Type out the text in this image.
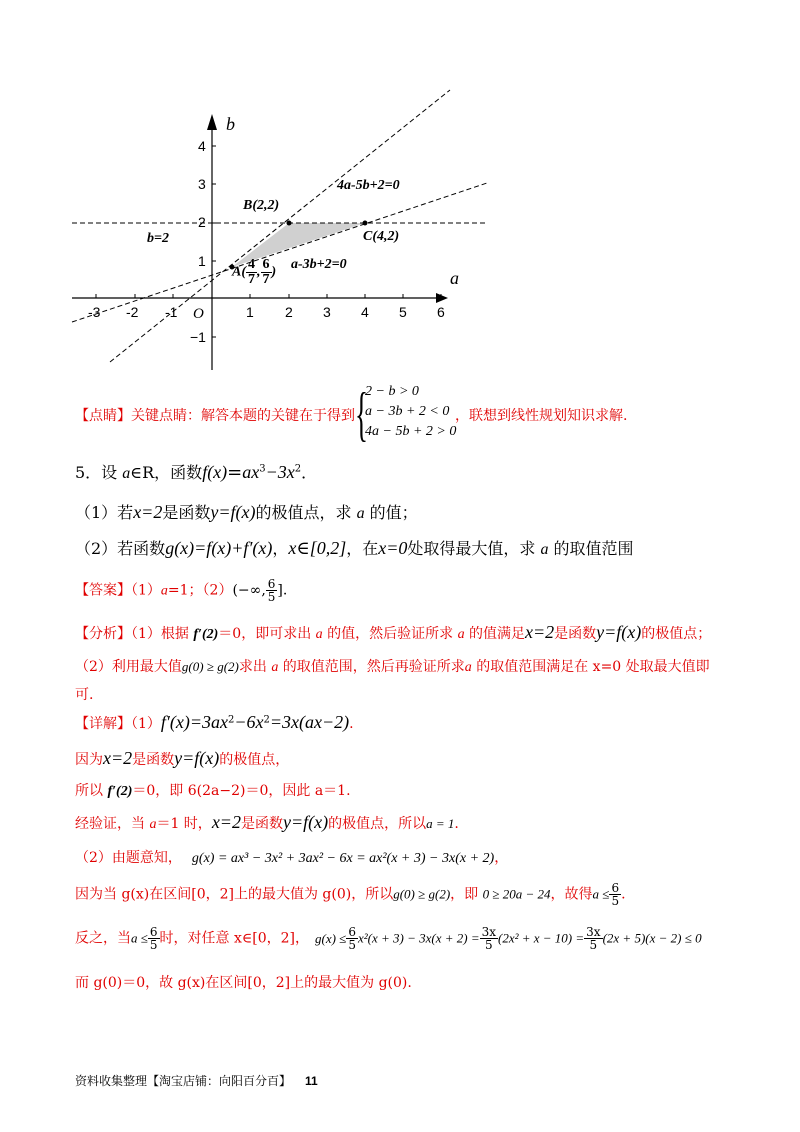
b
a
4
3
2
1
−1
-3 -2 -1	1 2 3 4 5 6
O
B(2,2)
C(4,2)
4a-5b+2=0
a-3b+2=0
b=2
$A( \frac{4}{7}$ , $\frac{6}{7}$ )
【点睛】关键点睛：解答本题的关键在于得到 {
2 − b > 0
a − 3b + 2 < 0
4a − 5b + 2 > 0
，联想到线性规划知识求解.
5．设 a∈R，函数$f(x)=ax^3-3x^2$．
（1）若x=2是函数y=f(x)的极值点，求 a 的值；
（2）若函数g(x)=f(x)+f′(x)，x∈[0,2]，在x=0处取得最大值，求 a 的取值范围
【答案】（1）a=1；（2）(−∞, $\frac{6}{5}$ ].
【分析】（1）根据 f′(2)＝0，即可求出 a 的值，然后验证所求 a 的值满足x=2是函数y=f(x)的极值点；
（2）利用最大值g(0) ≥ g(2)求出 a 的取值范围，然后再验证所求a 的取值范围满足在 x=0 处取最大值即
可.
【详解】$(1)f'(x)=3ax^2-6x^2=3x(ax-2)$.
因为x=2是函数y=f(x)的极值点，
所以 f′(2)＝0，即 6(2a−2)＝0，因此 a＝1.
经验证，当 a＝1 时，x=2是函数y=f(x)的极值点，所以a = 1.
（2）由题意知， g(x) = ax³ − 3x² + 3ax² − 6x = ax²(x + 3) − 3x(x + 2)，
因为当 g(x)在区间[0，2]上的最大值为 g(0)，所以g(0) ≥ g(2)，即 0 ≥ 20a − 24，故得$a \le \frac{6}{5}$ .
反之，当$a \le \frac{6}{5}$ 时，对任意 x∈[0，2]， $g(x) \le \frac{6}{5} x^2(x + 3) - 3x(x + 2) = \frac{3x}{5} (2x^2 + x - 10) = \frac{3x}{5} (2x + 5)(x - 2) \le 0$
而 g(0)＝0，故 g(x)在区间[0，2]上的最大值为 g(0).
资料收集整理【淘宝店铺：向阳百分百】 11
